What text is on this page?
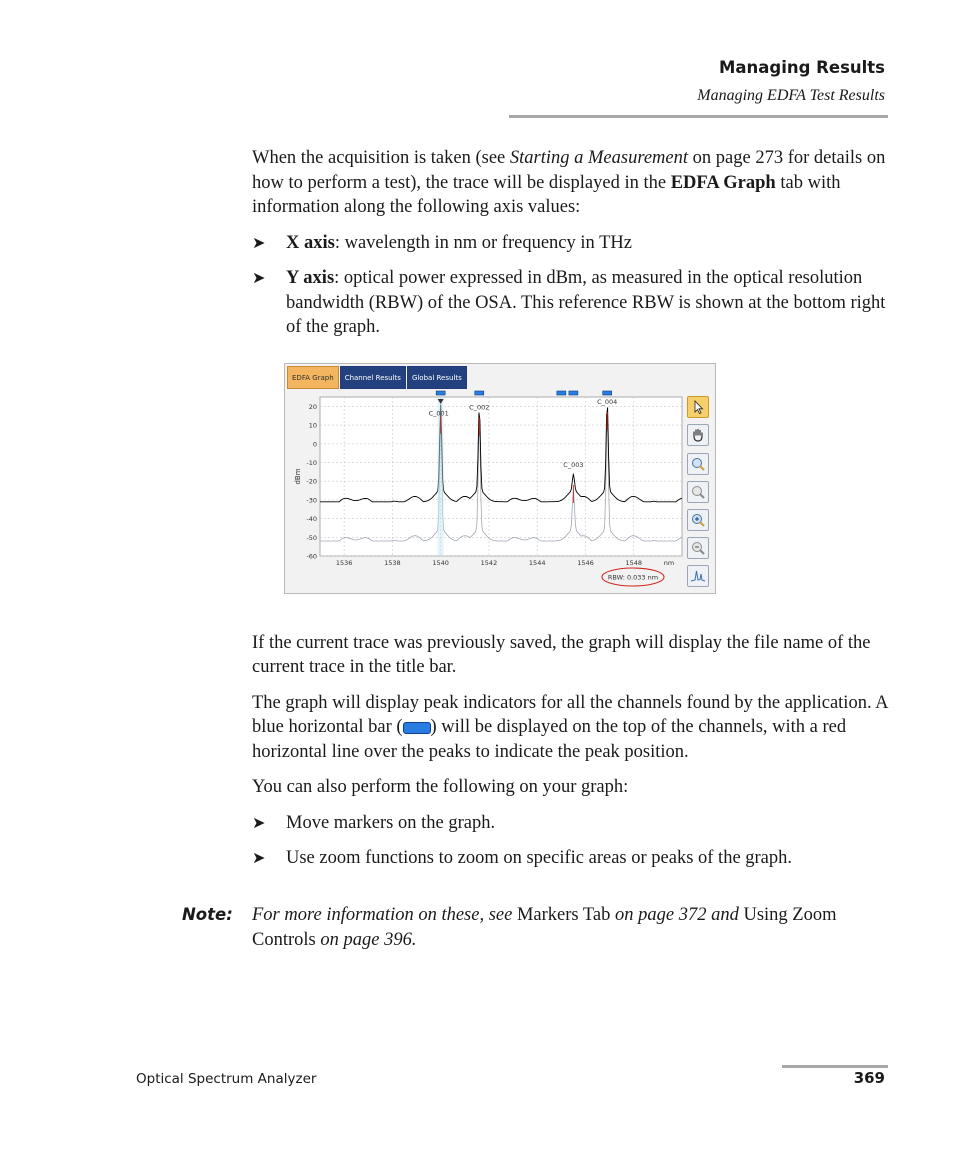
Managing Results
Managing EDFA Test Results

When the acquisition is taken (see Starting a Measurement on page 273 for details on how to perform a test), the trace will be displayed in the EDFA Graph tab with information along the following axis values:

➤ X axis: wavelength in nm or frequency in THz
➤ Y axis: optical power expressed in dBm, as measured in the optical resolution bandwidth (RBW) of the OSA. This reference RBW is shown at the bottom right of the graph.

If the current trace was previously saved, the graph will display the file name of the current trace in the title bar.

The graph will display peak indicators for all the channels found by the application. A blue horizontal bar ( ) will be displayed on the top of the channels, with a red horizontal line over the peaks to indicate the peak position.

You can also perform the following on your graph:

➤ Move markers on the graph.
➤ Use zoom functions to zoom on specific areas or peaks of the graph.
EDFA Graph	Channel Results	Global Results
20
10
0
-10
-20
-30
-40
-50
-60
1536	1538	1540	1542	1544	1546	1548	nm
dBm
C_001
C_002
C_003
C_004
RBW: 0.033 nm
Note: For more information on these, see Markers Tab on page 372 and Using Zoom Controls on page 396.
Optical Spectrum Analyzer	369
